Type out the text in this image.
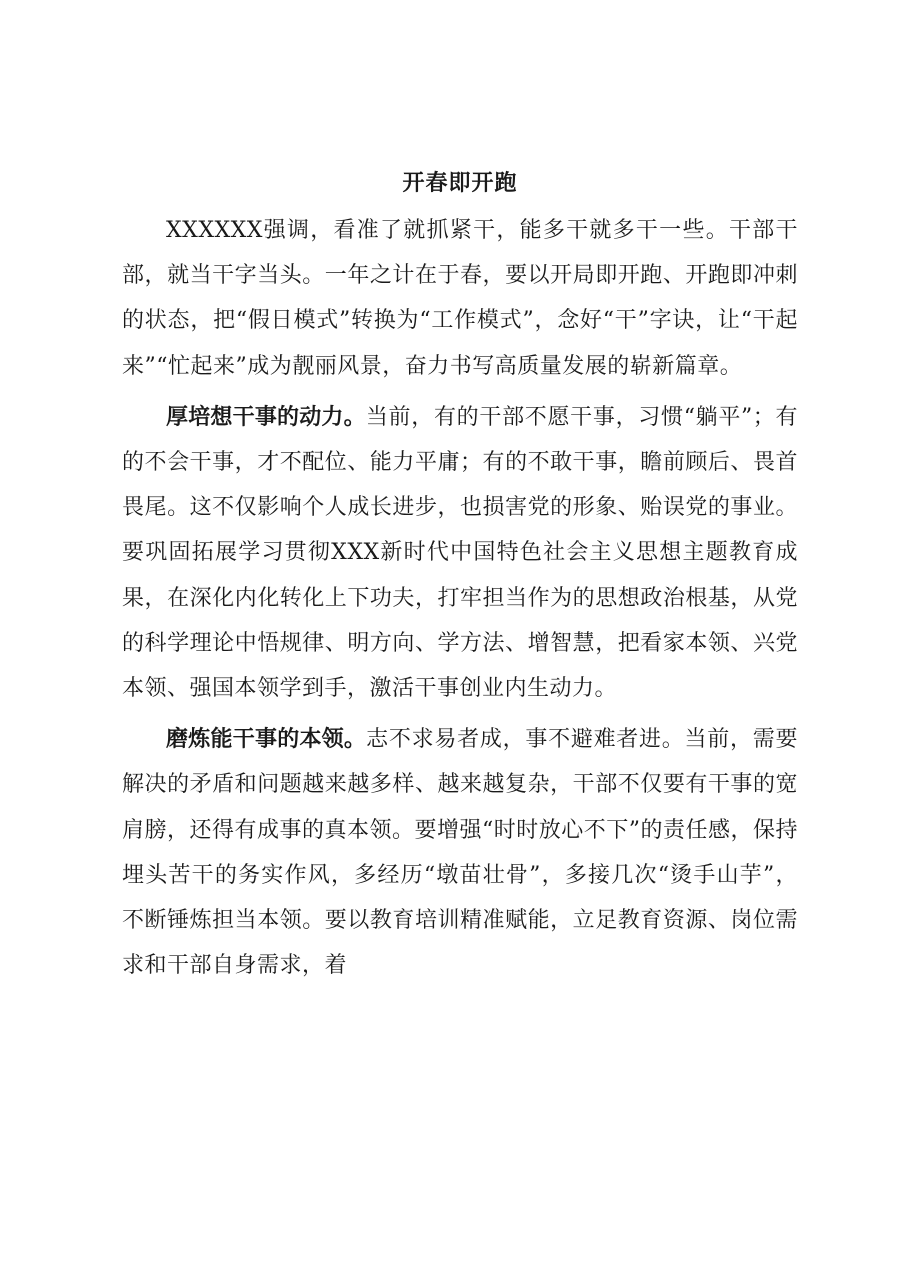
开春即开跑

XXXXXX强调，看准了就抓紧干，能多干就多干一些。干部干部，就当干字当头。一年之计在于春，要以开局即开跑、开跑即冲刺的状态，把“假日模式”转换为“工作模式”，念好“干”字诀，让“干起来”“忙起来”成为靓丽风景，奋力书写高质量发展的崭新篇章。

厚培想干事的动力。当前，有的干部不愿干事，习惯“躺平”；有的不会干事，才不配位、能力平庸；有的不敢干事，瞻前顾后、畏首畏尾。这不仅影响个人成长进步，也损害党的形象、贻误党的事业。要巩固拓展学习贯彻XXX新时代中国特色社会主义思想主题教育成果，在深化内化转化上下功夫，打牢担当作为的思想政治根基，从党的科学理论中悟规律、明方向、学方法、增智慧，把看家本领、兴党本领、强国本领学到手，激活干事创业内生动力。

磨炼能干事的本领。志不求易者成，事不避难者进。当前，需要解决的矛盾和问题越来越多样、越来越复杂，干部不仅要有干事的宽肩膀，还得有成事的真本领。要增强“时时放心不下”的责任感，保持埋头苦干的务实作风，多经历“墩苗壮骨”，多接几次“烫手山芋”，不断锤炼担当本领。要以教育培训精准赋能，立足教育资源、岗位需求和干部自身需求，着
